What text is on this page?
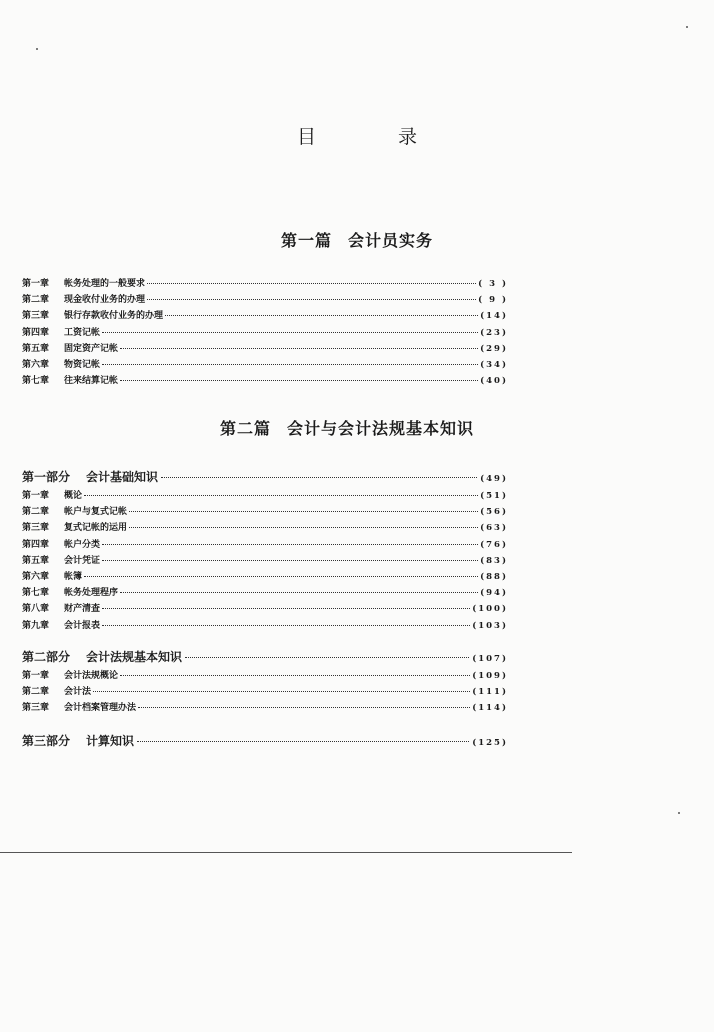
目 录
第一篇 会计员实务
第一章	帐务处理的一般要求	( 3 )
第二章	现金收付业务的办理	( 9 )
第三章	银行存款收付业务的办理	(14)
第四章	工资记帐	(23)
第五章	固定资产记帐	(29)
第六章	物资记帐	(34)
第七章	往来结算记帐	(40)
第二篇 会计与会计法规基本知识
第一部分 会计基础知识	(49)
第一章	概论	(51)
第二章	帐户与复式记帐	(56)
第三章	复式记帐的运用	(63)
第四章	帐户分类	(76)
第五章	会计凭证	(83)
第六章	帐簿	(88)
第七章	帐务处理程序	(94)
第八章	财产清查	(100)
第九章	会计报表	(103)
第二部分 会计法规基本知识	(107)
第一章	会计法规概论	(109)
第二章	会计法	(111)
第三章	会计档案管理办法	(114)
第三部分 计算知识	(125)
